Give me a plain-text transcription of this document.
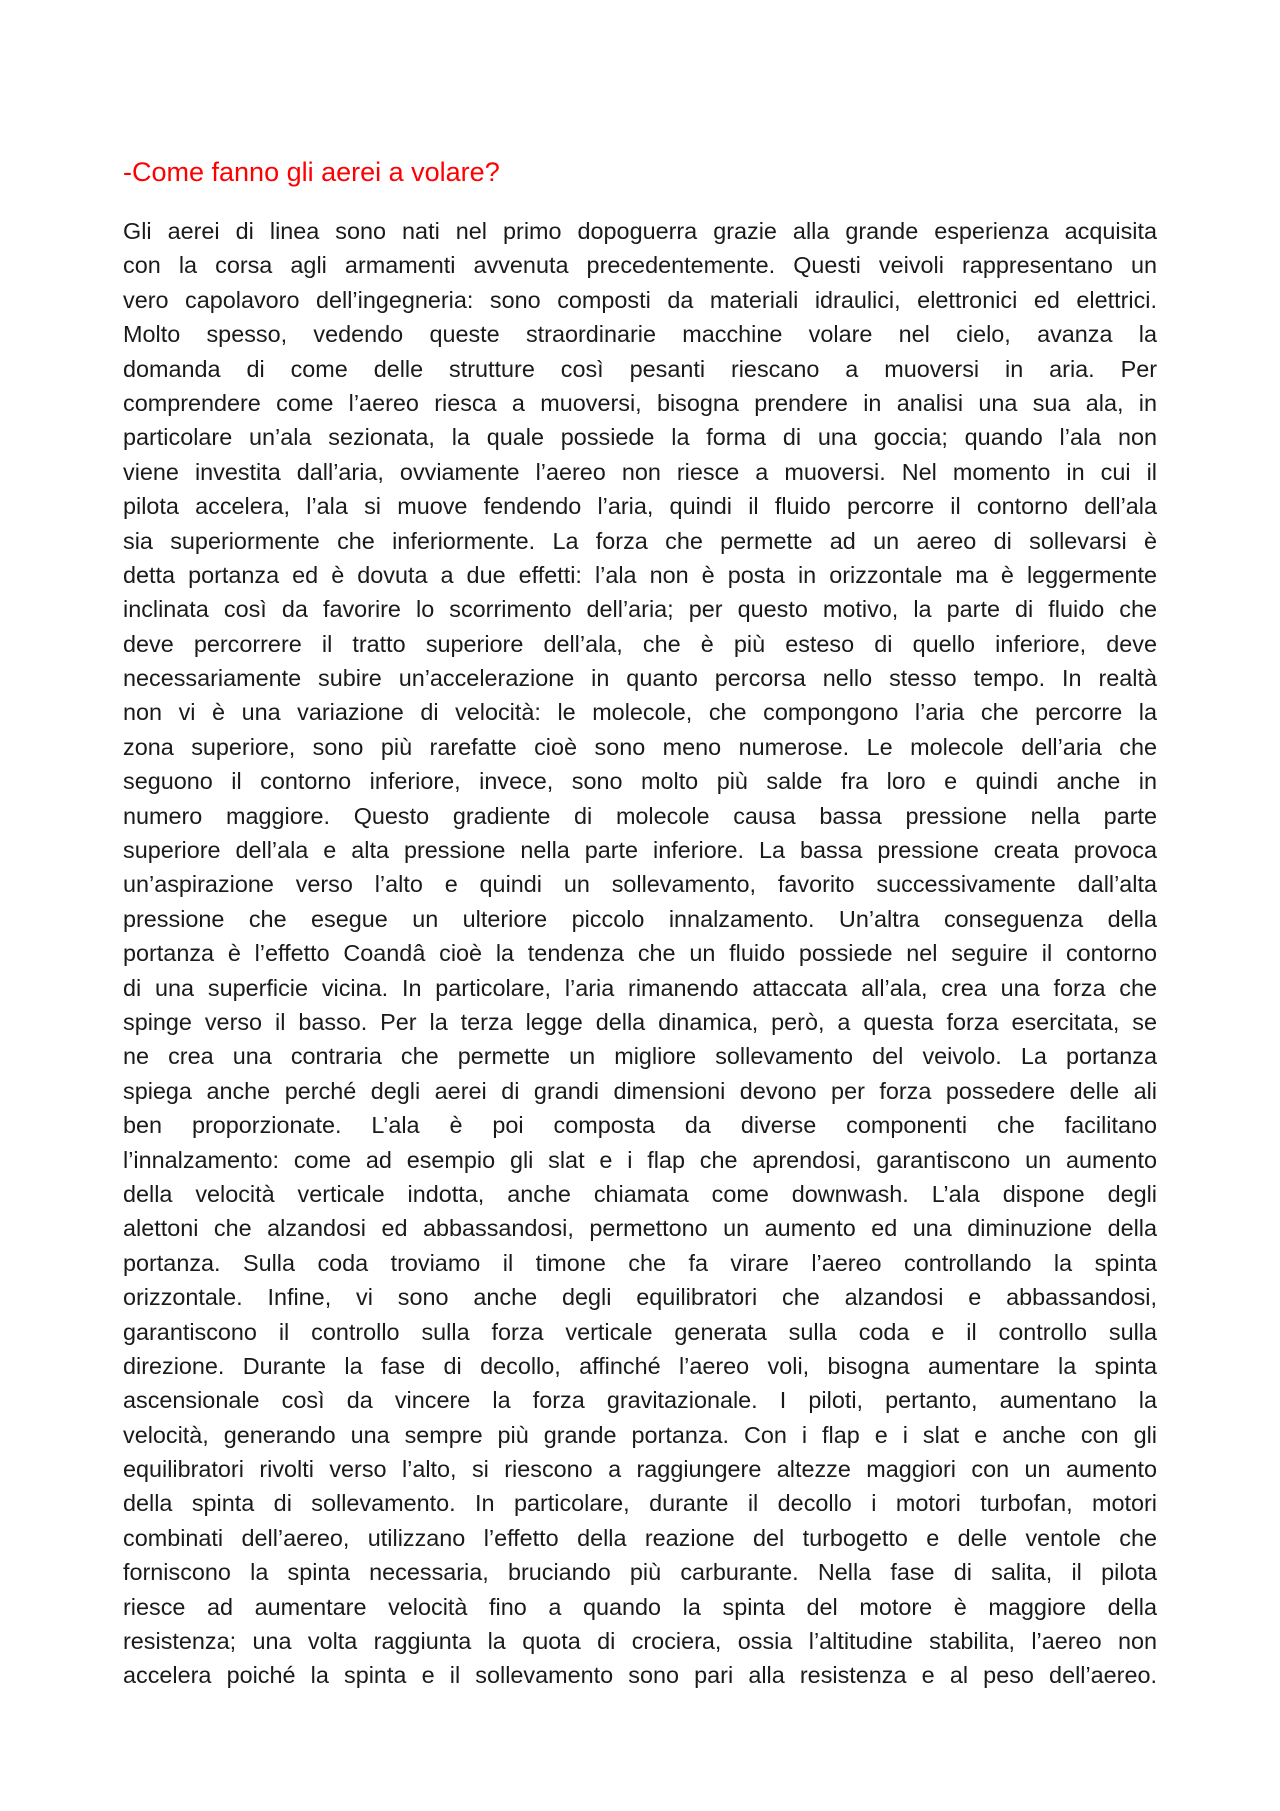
-Come fanno gli aerei a volare?
Gli aerei di linea sono nati nel primo dopoguerra grazie alla grande esperienza acquisita
con la corsa agli armamenti avvenuta precedentemente. Questi veivoli rappresentano un
vero capolavoro dell’ingegneria: sono composti da materiali idraulici, elettronici ed elettrici.
Molto spesso, vedendo queste straordinarie macchine volare nel cielo, avanza la
domanda di come delle strutture così pesanti riescano a muoversi in aria. Per
comprendere come l’aereo riesca a muoversi, bisogna prendere in analisi una sua ala, in
particolare un’ala sezionata, la quale possiede la forma di una goccia; quando l’ala non
viene investita dall’aria, ovviamente l’aereo non riesce a muoversi. Nel momento in cui il
pilota accelera, l’ala si muove fendendo l’aria, quindi il fluido percorre il contorno dell’ala
sia superiormente che inferiormente. La forza che permette ad un aereo di sollevarsi è
detta portanza ed è dovuta a due effetti: l’ala non è posta in orizzontale ma è leggermente
inclinata così da favorire lo scorrimento dell’aria; per questo motivo, la parte di fluido che
deve percorrere il tratto superiore dell’ala, che è più esteso di quello inferiore, deve
necessariamente subire un’accelerazione in quanto percorsa nello stesso tempo. In realtà
non vi è una variazione di velocità: le molecole, che compongono l’aria che percorre la
zona superiore, sono più rarefatte cioè sono meno numerose. Le molecole dell’aria che
seguono il contorno inferiore, invece, sono molto più salde fra loro e quindi anche in
numero maggiore. Questo gradiente di molecole causa bassa pressione nella parte
superiore dell’ala e alta pressione nella parte inferiore. La bassa pressione creata provoca
un’aspirazione verso l’alto e quindi un sollevamento, favorito successivamente dall’alta
pressione che esegue un ulteriore piccolo innalzamento. Un’altra conseguenza della
portanza è l’effetto Coandâ cioè la tendenza che un fluido possiede nel seguire il contorno
di una superficie vicina. In particolare, l’aria rimanendo attaccata all’ala, crea una forza che
spinge verso il basso. Per la terza legge della dinamica, però, a questa forza esercitata, se
ne crea una contraria che permette un migliore sollevamento del veivolo. La portanza
spiega anche perché degli aerei di grandi dimensioni devono per forza possedere delle ali
ben proporzionate. L’ala è poi composta da diverse componenti che facilitano
l’innalzamento: come ad esempio gli slat e i flap che aprendosi, garantiscono un aumento
della velocità verticale indotta, anche chiamata come downwash. L’ala dispone degli
alettoni che alzandosi ed abbassandosi, permettono un aumento ed una diminuzione della
portanza. Sulla coda troviamo il timone che fa virare l’aereo controllando la spinta
orizzontale. Infine, vi sono anche degli equilibratori che alzandosi e abbassandosi,
garantiscono il controllo sulla forza verticale generata sulla coda e il controllo sulla
direzione. Durante la fase di decollo, affinché l’aereo voli, bisogna aumentare la spinta
ascensionale così da vincere la forza gravitazionale. I piloti, pertanto, aumentano la
velocità, generando una sempre più grande portanza. Con i flap e i slat e anche con gli
equilibratori rivolti verso l’alto, si riescono a raggiungere altezze maggiori con un aumento
della spinta di sollevamento. In particolare, durante il decollo i motori turbofan, motori
combinati dell’aereo, utilizzano l’effetto della reazione del turbogetto e delle ventole che
forniscono la spinta necessaria, bruciando più carburante. Nella fase di salita, il pilota
riesce ad aumentare velocità fino a quando la spinta del motore è maggiore della
resistenza; una volta raggiunta la quota di crociera, ossia l’altitudine stabilita, l’aereo non
accelera poiché la spinta e il sollevamento sono pari alla resistenza e al peso dell’aereo.
